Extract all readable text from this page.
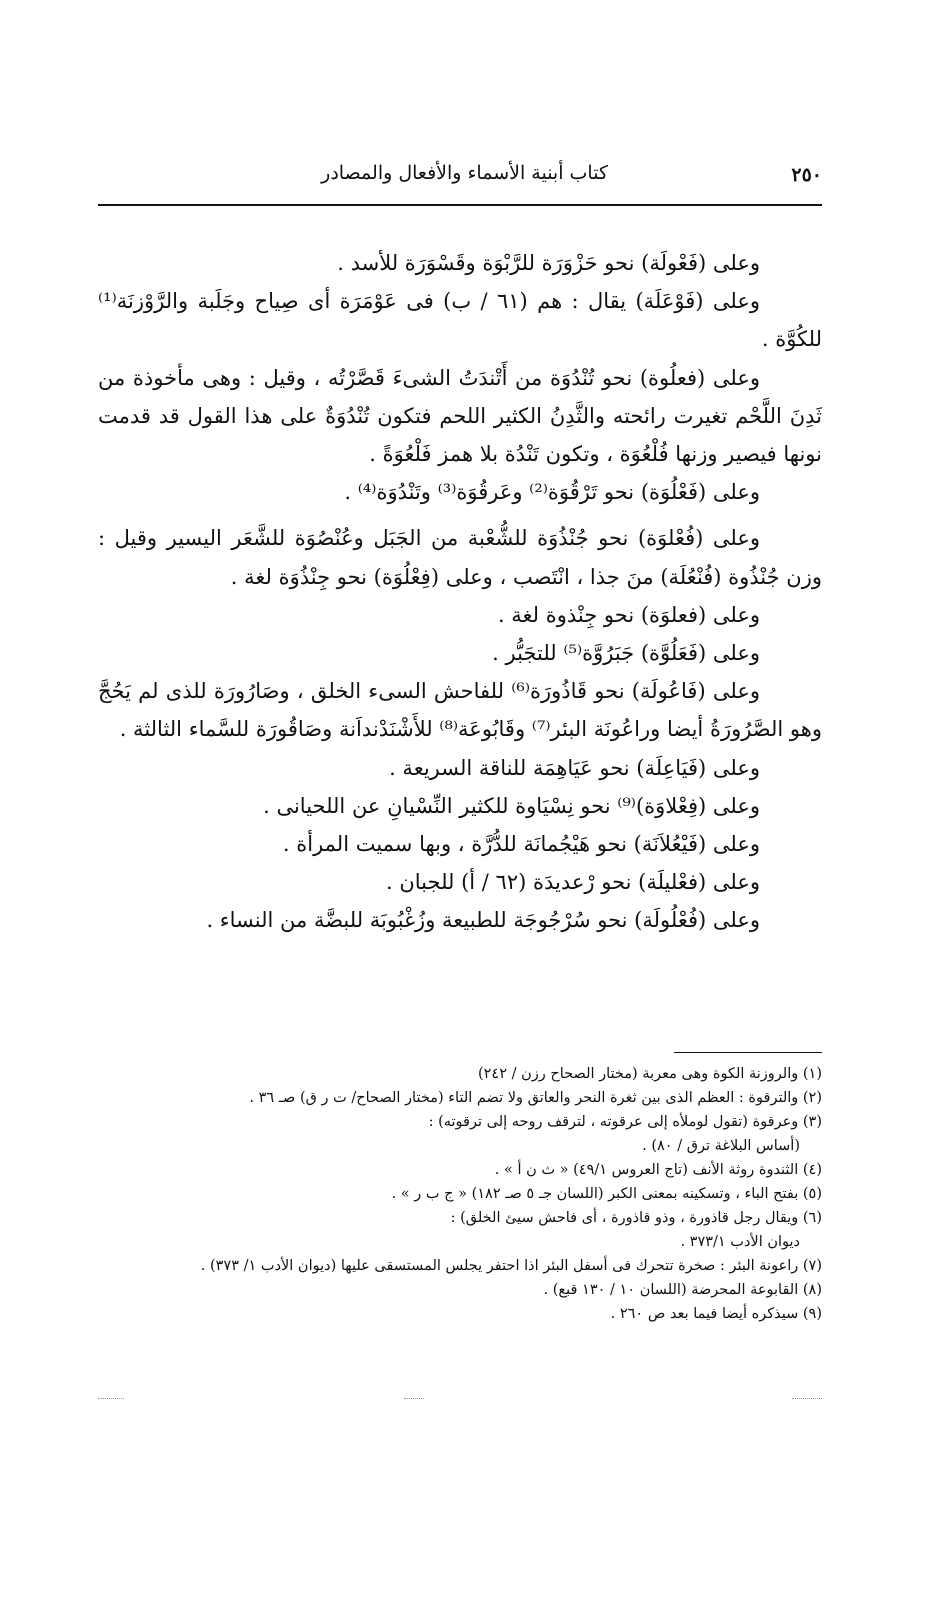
٢٥٠
كتاب أبنية الأسماء والأفعال والمصادر

وعلى (فَعْولَة) نحو حَزْوَرَة للرَّبْوَة وقَسْوَرَة للأسد .

وعلى (فَوْعَلَة) يقال : هم (٦١ / ب) فى عَوْمَرَة أى صِياح وجَلَبة والرَّوْزنَة⁽¹⁾ للكُوَّة .

وعلى (فعلُوة) نحو تُنْدُوَة من أَتْندَتُ الشىءَ قَصَّرْتُه ، وقيل : وهى مأخوذة من ثَدِنَ اللَّحْم تغيرت رائحته والثَّدِنُ الكثير اللحم فتكون تُنْدُوَةٌ على هذا القول قد قدمت نونها فيصير وزنها فُلْعُوَة ، وتكون تَنْدُة بلا همز فَلْعُوَةً .

وعلى (فَعْلُوَة) نحو تَرْقُوَة⁽²⁾ وعَرقُوَة⁽³⁾ وتَنْدُوَة⁽⁴⁾ .

وعلى (فُعْلوَة) نحو جُنْذُوَة للشُّعْبة من الجَبَل وعُنْصُوَة للشَّعَر اليسير وقيل : وزن جُنْذُوة (فُنْعُلَة) منَ جذا ، انْتَصب ، وعلى (فِعْلُوَة) نحو جِنْذُوَة لغة .

وعلى (فعلوَة) نحو جِنْذوة لغة .

وعلى (فَعَلُوَّة) جَبَرُوَّة⁽⁵⁾ للتجَبُّر .

وعلى (فَاعُولَة) نحو قَاذُورَة⁽⁶⁾ للفاحش السىء الخلق ، وصَارُورَة للذى لم يَحُجَّ وهو الصَّرُورَةُ أيضا وراعُونَة البئر⁽⁷⁾ وقَابُوعَة⁽⁸⁾ للأَشْنَدْنداَنة وصَاقُورَة للسَّماء الثالثة .

وعلى (فَيَاعِلَة) نحو عَيَاهِمَة للناقة السريعة .

وعلى (فِعْلاوَة)⁽⁹⁾ نحو نِسْيَاوة للكثير النِّسْيانِ عن اللحيانى .

وعلى (فَيْعُلاَنَة) نحو هَيْجُمانَة للدُّرَّة ، وبها سميت المرأة .

وعلى (فعْليلَة) نحو رْعديدَة (٦٢ / أ) للجبان .

وعلى (فُعْلُولَة) نحو سُرْجُوجَة للطبيعة وزُغْبُوبَة للبضَّة من النساء .

(١) والروزنة الكوة وهى معربة (مختار الصحاح رزن / ٢٤٢)

(٢) والترقوة : العظم الذى بين ثغرة النحر والعاتق ولا تضم التاء (مختار الصحاح/ ت ر ق) صـ ٣٦ .

(٣) وعرقوة (تقول لوملأه إلى عرقوته ، لترقف روحه إلى ترقوته) :

(أساس البلاغة ترق / ٨٠) .

(٤) الثندوة روثة الأنف (تاج العروس ٤٩/١) « ث ن أ » .

(٥) بفتح الباء ، وتسكينه بمعنى الكبر (اللسان جـ ٥ صـ ١٨٢) « ج ب ر » .

(٦) ويقال رجل قاذورة ، وذو قاذورة ، أى فاحش سيئ الخلق) :

ديوان الأدب ٣٧٣/١ .

(٧) راعونة البئر : صخرة تتحرك فى أسفل البئر اذا احتفر يجلس المستسقى عليها (ديوان الأدب ١/ ٣٧٣) .

(٨) القابوعة المحرضة (اللسان ١٠ / ١٣٠ قبع) .

(٩) سيذكره أيضا فيما بعد ص ٢٦٠ .
